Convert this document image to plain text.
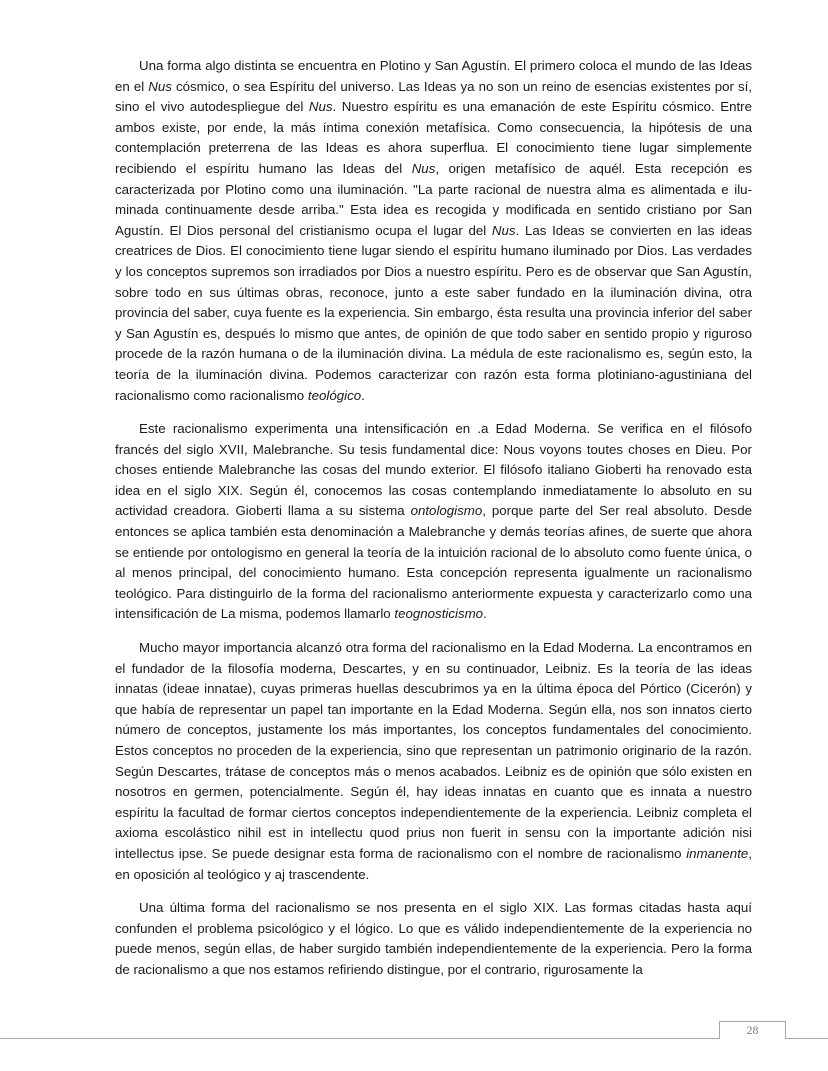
Una forma algo distinta se encuentra en Plotino y San Agustín. El primero coloca el mundo de las Ideas en el Nus cósmico, o sea Espíritu del universo. Las Ideas ya no son un reino de esencias existentes por sí, sino el vivo autodespliegue del Nus. Nuestro espíritu es una emanación de este Espíritu cósmico. Entre ambos existe, por ende, la más íntima conexión metafísica. Como consecuencia, la hipótesis de una contemplación preterrena de las Ideas es ahora superflua. El conocimiento tiene lugar simplemente recibiendo el espíritu humano las Ideas del Nus, origen metafísico de aquél. Esta recepción es caracterizada por Plotino como una iluminación. "La parte racional de nuestra alma es alimentada e ilu-minada continuamente desde arriba." Esta idea es recogida y modificada en sentido cristiano por San Agustín. El Dios personal del cristianismo ocupa el lugar del Nus. Las Ideas se convierten en las ideas creatrices de Dios. El conocimiento tiene lugar siendo el espíritu humano iluminado por Dios. Las verdades y los conceptos supremos son irradiados por Dios a nuestro espíritu. Pero es de observar que San Agustín, sobre todo en sus últimas obras, reconoce, junto a este saber fundado en la iluminación divina, otra provincia del saber, cuya fuente es la experiencia. Sin embargo, ésta resulta una provincia inferior del saber y San Agustín es, después lo mismo que antes, de opinión de que todo saber en sentido propio y riguroso procede de la razón humana o de la iluminación divina. La médula de este racionalismo es, según esto, la teoría de la iluminación divina. Podemos caracterizar con razón esta forma plotiniano-agustiniana del racionalismo como racionalismo teológico.

Este racionalismo experimenta una intensificación en .a Edad Moderna. Se verifica en el filósofo francés del siglo XVII, Malebranche. Su tesis fundamental dice: Nous voyons toutes choses en Dieu. Por choses entiende Malebranche las cosas del mundo exterior. El filósofo italiano Gioberti ha renovado esta idea en el siglo XIX. Según él, conocemos las cosas contemplando inmediatamente lo absoluto en su actividad creadora. Gioberti llama a su sistema ontologismo, porque parte del Ser real absoluto. Desde entonces se aplica también esta denominación a Malebranche y demás teorías afines, de suerte que ahora se entiende por ontologismo en general la teoría de la intuición racional de lo absoluto como fuente única, o al menos principal, del conocimiento humano. Esta concepción representa igualmente un racionalismo teológico. Para distinguirlo de la forma del racionalismo anteriormente expuesta y caracterizarlo como una intensificación de La misma, podemos llamarlo teognosticismo.

Mucho mayor importancia alcanzó otra forma del racionalismo en la Edad Moderna. La encontramos en el fundador de la filosofía moderna, Descartes, y en su continuador, Leibniz. Es la teoría de las ideas innatas (ideae innatae), cuyas primeras huellas descubrimos ya en la última época del Pórtico (Cicerón) y que había de representar un papel tan importante en la Edad Moderna. Según ella, nos son innatos cierto número de conceptos, justamente los más importantes, los conceptos fundamentales del conocimiento. Estos conceptos no proceden de la experiencia, sino que representan un patrimonio originario de la razón. Según Descartes, trátase de conceptos más o menos acabados. Leibniz es de opinión que sólo existen en nosotros en germen, potencialmente. Según él, hay ideas innatas en cuanto que es innata a nuestro espíritu la facultad de formar ciertos conceptos independientemente de la experiencia. Leibniz completa el axioma escolástico nihil est in intellectu quod prius non fuerit in sensu con la importante adición nisi intellectus ipse. Se puede designar esta forma de racionalismo con el nombre de racionalismo inmanente, en oposición al teológico y aj trascendente.

Una última forma del racionalismo se nos presenta en el siglo XIX. Las formas citadas hasta aquí confunden el problema psicológico y el lógico. Lo que es válido independientemente de la experiencia no puede menos, según ellas, de haber surgido también independientemente de la experiencia. Pero la forma de racionalismo a que nos estamos refiriendo distingue, por el contrario, rigurosamente la

28
